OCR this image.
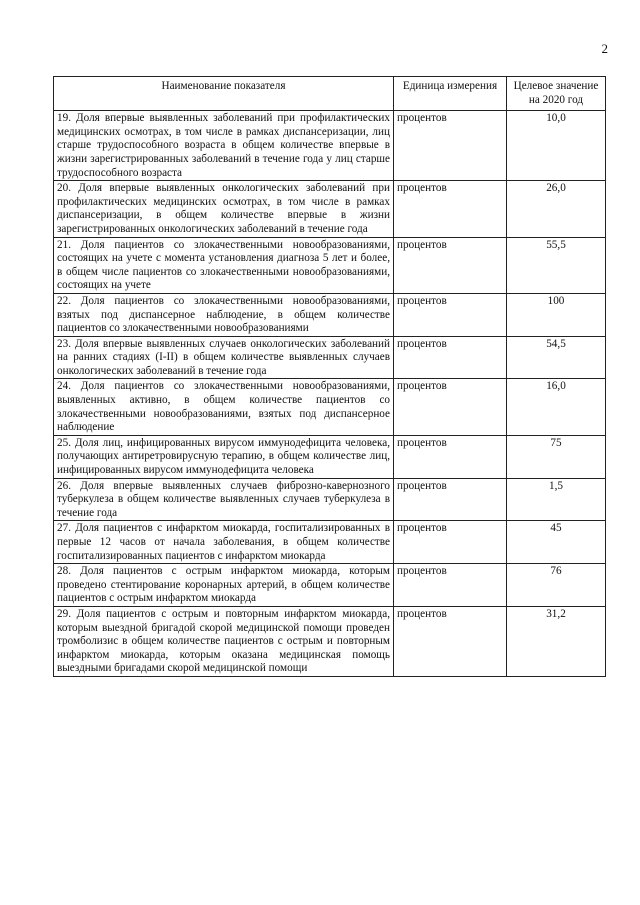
2
Наименование показателя	Единица измерения	Целевое значение на 2020 год

19. Доля впервые выявленных заболеваний при профилактических медицинских осмотрах, в том числе в рамках диспансеризации, лиц старше трудоспособного возраста в общем количестве впервые в жизни зарегистрированных заболеваний в течение года у лиц старше трудоспособного возраста	процентов	10,0

20. Доля впервые выявленных онкологических заболеваний при профилактических медицинских осмотрах, в том числе в рамках диспансеризации, в общем количестве впервые в жизни зарегистрированных онкологических заболеваний в течение года	процентов	26,0

21. Доля пациентов со злокачественными новообразованиями, состоящих на учете с момента установления диагноза 5 лет и более, в общем числе пациентов со злокачественными новообразованиями, состоящих на учете	процентов	55,5

22. Доля пациентов со злокачественными новообразованиями, взятых под диспансерное наблюдение, в общем количестве пациентов со злокачественными новообразованиями	процентов	100

23. Доля впервые выявленных случаев онкологических заболеваний на ранних стадиях (I-II) в общем количестве выявленных случаев онкологических заболеваний в течение года	процентов	54,5

24. Доля пациентов со злокачественными новообразованиями, выявленных активно, в общем количестве пациентов со злокачественными новообразованиями, взятых под диспансерное наблюдение	процентов	16,0

25. Доля лиц, инфицированных вирусом иммунодефицита человека, получающих антиретровирусную терапию, в общем количестве лиц, инфицированных вирусом иммунодефицита человека	процентов	75

26. Доля впервые выявленных случаев фиброзно-кавернозного туберкулеза в общем количестве выявленных случаев туберкулеза в течение года	процентов	1,5

27. Доля пациентов с инфарктом миокарда, госпитализированных в первые 12 часов от начала заболевания, в общем количестве госпитализированных пациентов с инфарктом миокарда	процентов	45

28. Доля пациентов с острым инфарктом миокарда, которым проведено стентирование коронарных артерий, в общем количестве пациентов с острым инфарктом миокарда	процентов	76

29. Доля пациентов с острым и повторным инфарктом миокарда, которым выездной бригадой скорой медицинской помощи проведен тромболизис в общем количестве пациентов с острым и повторным инфарктом миокарда, которым оказана медицинская помощь выездными бригадами скорой медицинской помощи	процентов	31,2
